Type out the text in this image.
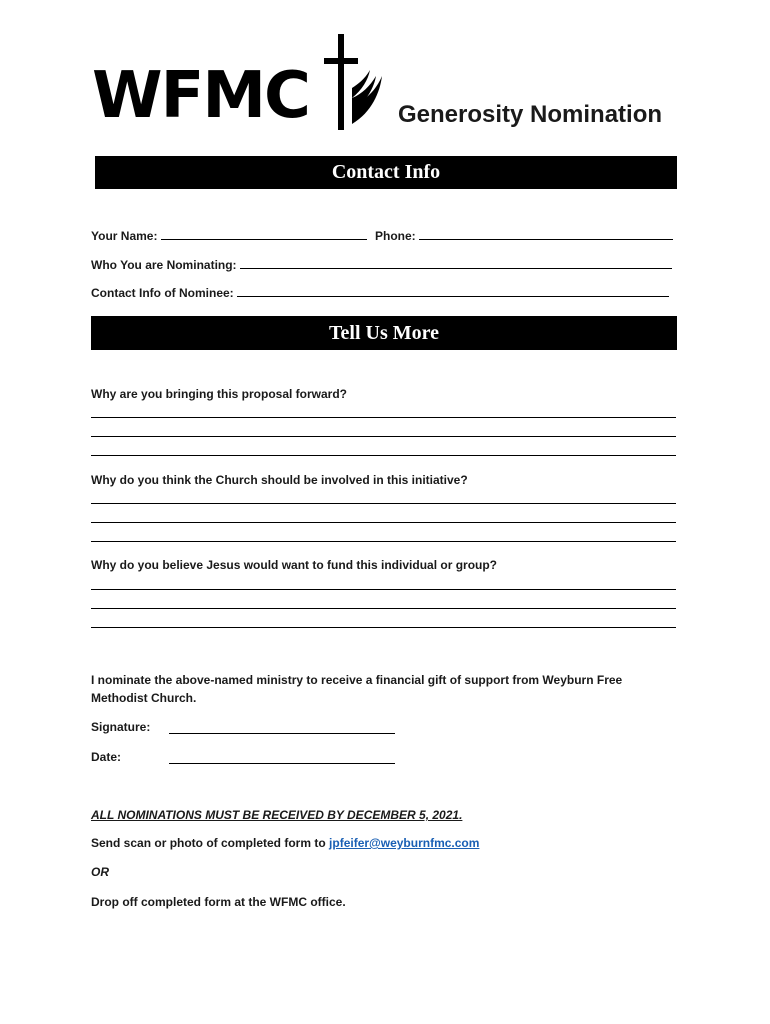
WFMC	Generosity Nomination
Contact Info
Your Name:	Phone:
Who You are Nominating:
Contact Info of Nominee:
Tell Us More
Why are you bringing this proposal forward?
Why do you think the Church should be involved in this initiative?
Why do you believe Jesus would want to fund this individual or group?
I nominate the above-named ministry to receive a financial gift of support from Weyburn Free
Methodist Church.
Signature:
Date:
ALL NOMINATIONS MUST BE RECEIVED BY DECEMBER 5, 2021.
Send scan or photo of completed form to jpfeifer@weyburnfmc.com
OR
Drop off completed form at the WFMC office.
